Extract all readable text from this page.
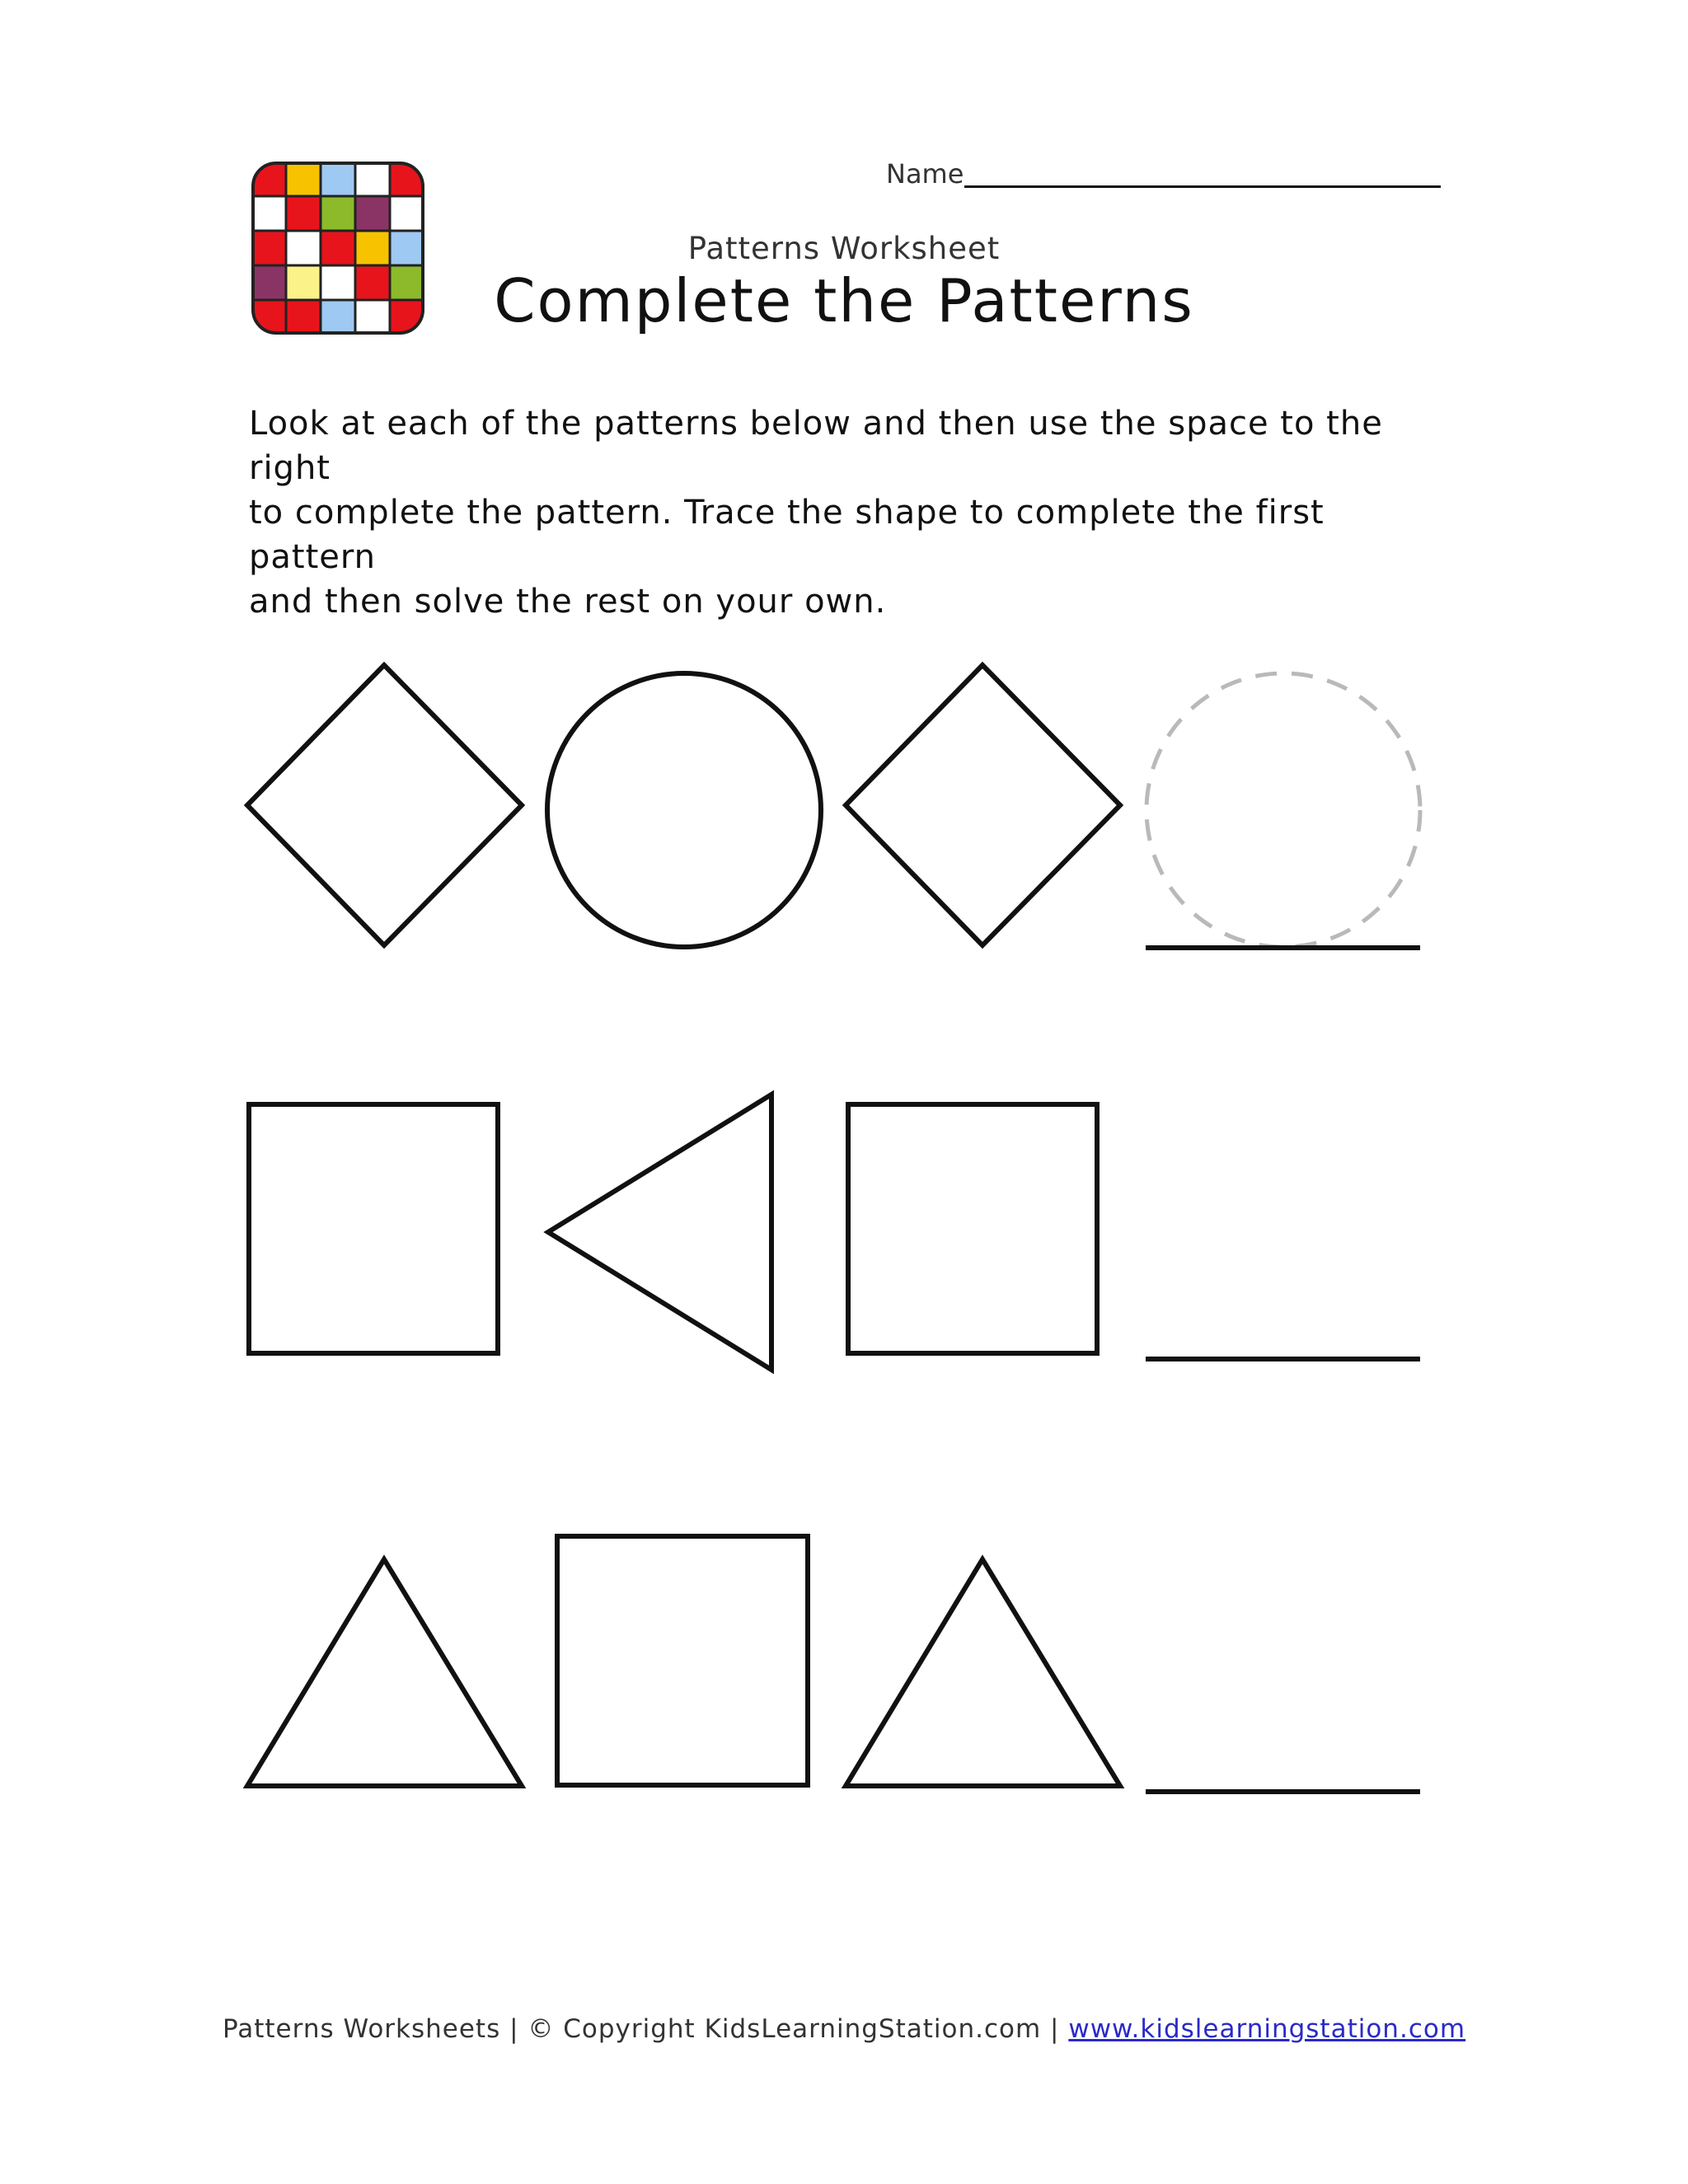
Name
Patterns Worksheet
Complete the Patterns
Look at each of the patterns below and then use the space to the right
to complete the pattern. Trace the shape to complete the first pattern
and then solve the rest on your own.
Patterns Worksheets | © Copyright KidsLearningStation.com | www.kidslearningstation.com
